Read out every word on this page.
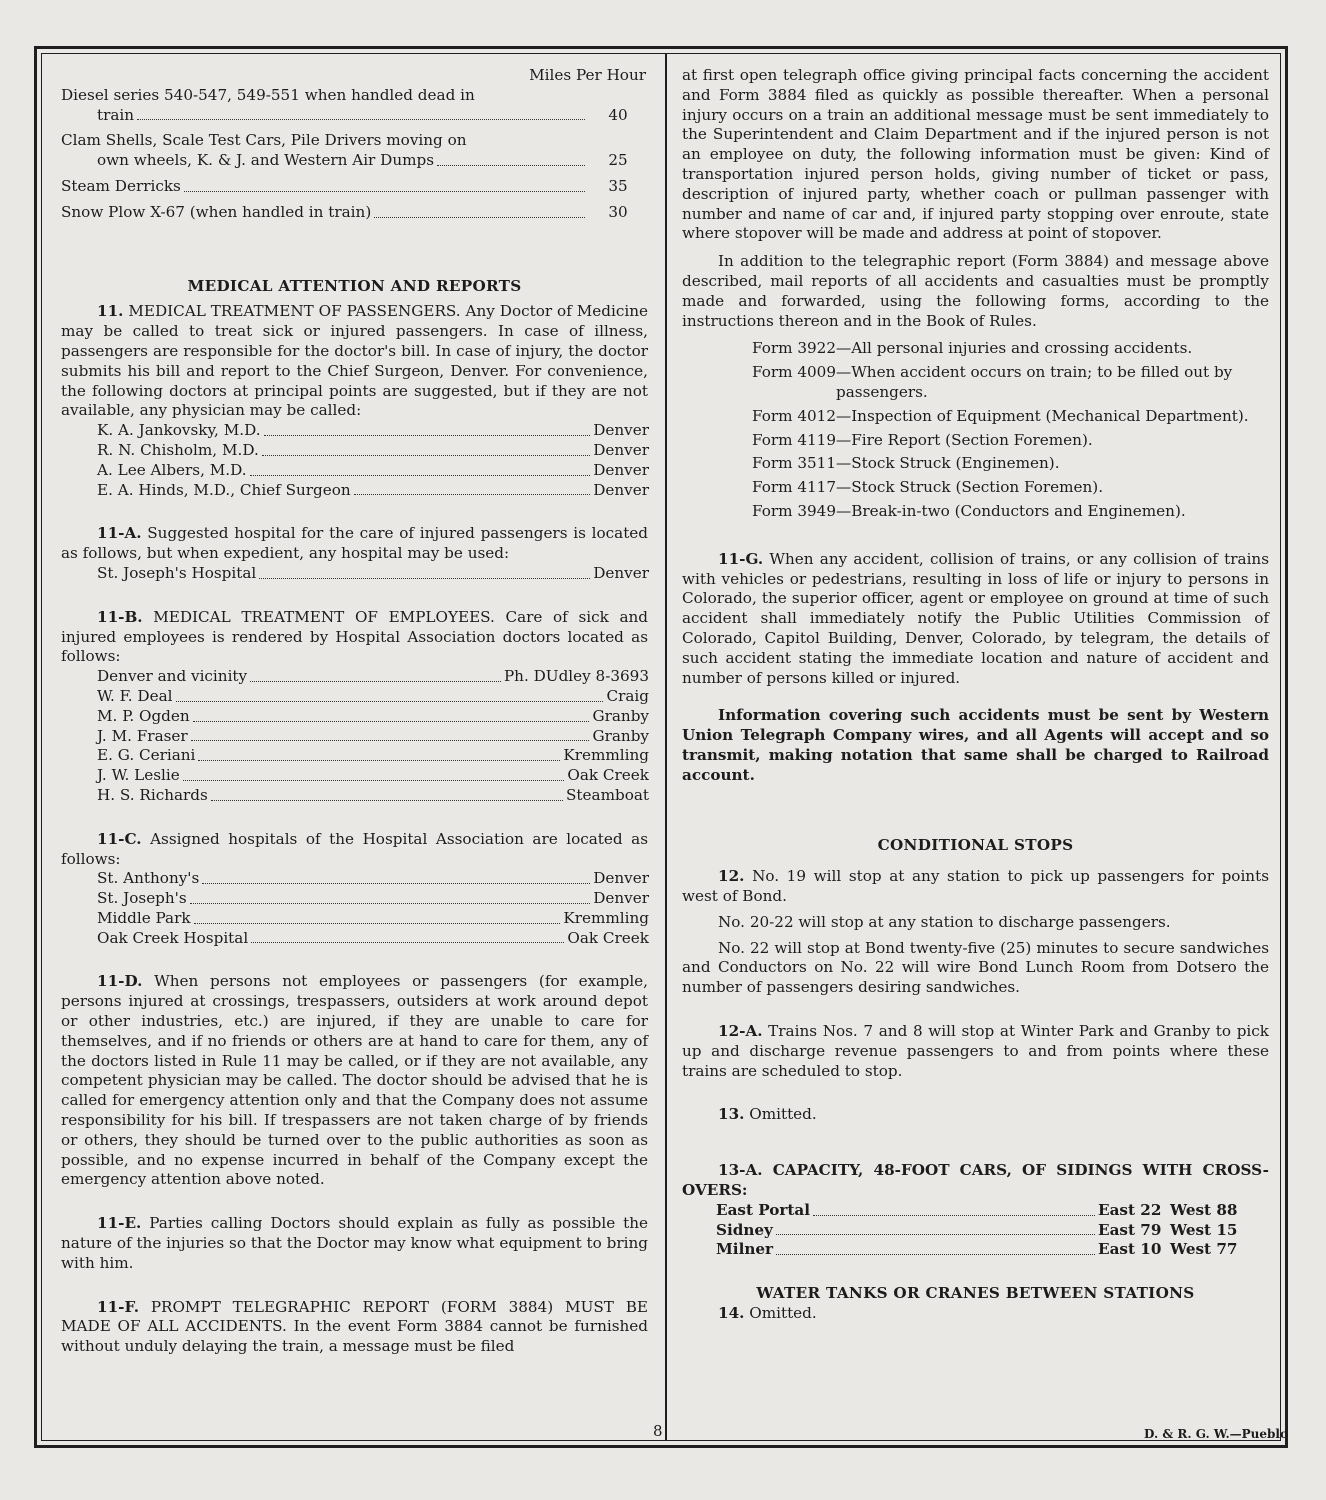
Miles Per Hour
Diesel series 540-547, 549-551 when handled dead in
train	40
Clam Shells, Scale Test Cars, Pile Drivers moving on
own wheels, K. & J. and Western Air Dumps	25
Steam Derricks	35
Snow Plow X-67 (when handled in train)	30
MEDICAL ATTENTION AND REPORTS

11. MEDICAL TREATMENT OF PASSENGERS. Any Doctor of Medicine may be called to treat sick or injured passengers. In case of illness, passengers are responsible for the doctor's bill. In case of injury, the doctor submits his bill and report to the Chief Surgeon, Denver. For convenience, the following doctors at principal points are suggested, but if they are not available, any physician may be called:

K. A. Jankovsky, M.D.	Denver
R. N. Chisholm, M.D.	Denver
A. Lee Albers, M.D.	Denver
E. A. Hinds, M.D., Chief Surgeon	Denver

11-A. Suggested hospital for the care of injured passengers is located as follows, but when expedient, any hospital may be used:

St. Joseph's Hospital	Denver

11-B. MEDICAL TREATMENT OF EMPLOYEES. Care of sick and injured employees is rendered by Hospital Association doctors located as follows:

Denver and vicinity	Ph. DUdley 8-3693
W. F. Deal	Craig
M. P. Ogden	Granby
J. M. Fraser	Granby
E. G. Ceriani	Kremmling
J. W. Leslie	Oak Creek
H. S. Richards	Steamboat

11-C. Assigned hospitals of the Hospital Association are located as follows:

St. Anthony's	Denver
St. Joseph's	Denver
Middle Park	Kremmling
Oak Creek Hospital	Oak Creek

11-D. When persons not employees or passengers (for example, persons injured at crossings, trespassers, outsiders at work around depot or other industries, etc.) are injured, if they are unable to care for themselves, and if no friends or others are at hand to care for them, any of the doctors listed in Rule 11 may be called, or if they are not available, any competent physician may be called. The doctor should be advised that he is called for emergency attention only and that the Company does not assume responsibility for his bill. If trespassers are not taken charge of by friends or others, they should be turned over to the public authorities as soon as possible, and no expense incurred in behalf of the Company except the emergency attention above noted.

11-E. Parties calling Doctors should explain as fully as possible the nature of the injuries so that the Doctor may know what equipment to bring with him.

11-F. PROMPT TELEGRAPHIC REPORT (FORM 3884) MUST BE MADE OF ALL ACCIDENTS. In the event Form 3884 cannot be furnished without unduly delaying the train, a message must be filed

at first open telegraph office giving principal facts concerning the accident and Form 3884 filed as quickly as possible thereafter. When a personal injury occurs on a train an additional message must be sent immediately to the Superintendent and Claim Department and if the injured person is not an employee on duty, the following information must be given: Kind of transportation injured person holds, giving number of ticket or pass, description of injured party, whether coach or pullman passenger with number and name of car and, if injured party stopping over enroute, state where stopover will be made and address at point of stopover.

In addition to the telegraphic report (Form 3884) and message above described, mail reports of all accidents and casualties must be promptly made and forwarded, using the following forms, according to the instructions thereon and in the Book of Rules.

Form 3922 —All personal injuries and crossing accidents.
Form 4009 —When accident occurs on train; to be filled out by passengers.
Form 4012 —Inspection of Equipment (Mechanical Department).
Form 4119 —Fire Report (Section Foremen).
Form 3511 —Stock Struck (Enginemen).
Form 4117 —Stock Struck (Section Foremen).
Form 3949 —Break-in-two (Conductors and Enginemen).

11-G. When any accident, collision of trains, or any collision of trains with vehicles or pedestrians, resulting in loss of life or injury to persons in Colorado, the superior officer, agent or employee on ground at time of such accident shall immediately notify the Public Utilities Commission of Colorado, Capitol Building, Denver, Colorado, by telegram, the details of such accident stating the immediate location and nature of accident and number of persons killed or injured.

Information covering such accidents must be sent by Western Union Telegraph Company wires, and all Agents will accept and so transmit, making notation that same shall be charged to Railroad account.

CONDITIONAL STOPS

12. No. 19 will stop at any station to pick up passengers for points west of Bond.

No. 20-22 will stop at any station to discharge passengers.

No. 22 will stop at Bond twenty-five (25) minutes to secure sandwiches and Conductors on No. 22 will wire Bond Lunch Room from Dotsero the number of passengers desiring sandwiches.

12-A. Trains Nos. 7 and 8 will stop at Winter Park and Granby to pick up and discharge revenue passengers to and from points where these trains are scheduled to stop.

13. Omitted.

13-A. CAPACITY, 48-FOOT CARS, OF SIDINGS WITH CROSS-OVERS:

East Portal	East 22 West 88
Sidney	East 79 West 15
Milner	East 10 West 77
WATER TANKS OR CRANES BETWEEN STATIONS

14. Omitted.

8	D. & R. G. W.—Pueblo
